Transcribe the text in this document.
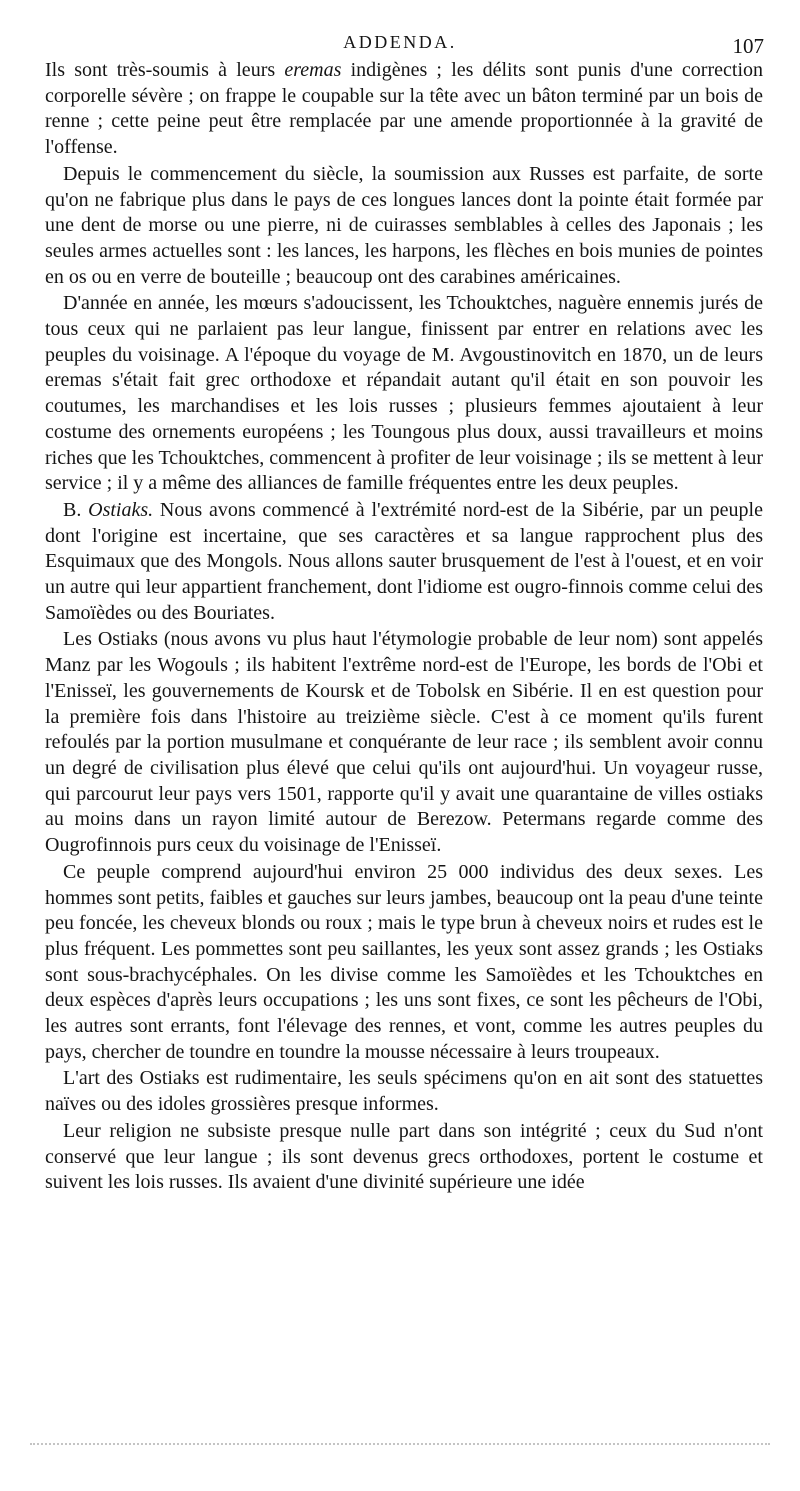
ADDENDA.	107

Ils sont très-soumis à leurs eremas indigènes ; les délits sont punis d'une correction corporelle sévère ; on frappe le coupable sur la tête avec un bâton terminé par un bois de renne ; cette peine peut être remplacée par une amende proportionnée à la gravité de l'offense.

Depuis le commencement du siècle, la soumission aux Russes est parfaite, de sorte qu'on ne fabrique plus dans le pays de ces longues lances dont la pointe était formée par une dent de morse ou une pierre, ni de cuirasses semblables à celles des Japonais ; les seules armes actuelles sont : les lances, les harpons, les flèches en bois munies de pointes en os ou en verre de bouteille ; beaucoup ont des carabines américaines.

D'année en année, les mœurs s'adoucissent, les Tchouktches, naguère ennemis jurés de tous ceux qui ne parlaient pas leur langue, finissent par entrer en relations avec les peuples du voisinage. A l'époque du voyage de M. Avgoustinovitch en 1870, un de leurs eremas s'était fait grec orthodoxe et répandait autant qu'il était en son pouvoir les coutumes, les marchandises et les lois russes ; plusieurs femmes ajoutaient à leur costume des ornements européens ; les Toungous plus doux, aussi travailleurs et moins riches que les Tchouktches, commencent à profiter de leur voisinage ; ils se mettent à leur service ; il y a même des alliances de famille fréquentes entre les deux peuples.

B. Ostiaks. Nous avons commencé à l'extrémité nord-est de la Sibérie, par un peuple dont l'origine est incertaine, que ses caractères et sa langue rapprochent plus des Esquimaux que des Mongols. Nous allons sauter brusquement de l'est à l'ouest, et en voir un autre qui leur appartient franchement, dont l'idiome est ougro-finnois comme celui des Samoïèdes ou des Bouriates.

Les Ostiaks (nous avons vu plus haut l'étymologie probable de leur nom) sont appelés Manz par les Wogouls ; ils habitent l'extrême nord-est de l'Europe, les bords de l'Obi et l'Enisseï, les gouvernements de Koursk et de Tobolsk en Sibérie. Il en est question pour la première fois dans l'histoire au treizième siècle. C'est à ce moment qu'ils furent refoulés par la portion musulmane et conquérante de leur race ; ils semblent avoir connu un degré de civilisation plus élevé que celui qu'ils ont aujourd'hui. Un voyageur russe, qui parcourut leur pays vers 1501, rapporte qu'il y avait une quarantaine de villes ostiaks au moins dans un rayon limité autour de Berezow. Petermans regarde comme des Ougrofinnois purs ceux du voisinage de l'Enisseï.

Ce peuple comprend aujourd'hui environ 25 000 individus des deux sexes. Les hommes sont petits, faibles et gauches sur leurs jambes, beaucoup ont la peau d'une teinte peu foncée, les cheveux blonds ou roux ; mais le type brun à cheveux noirs et rudes est le plus fréquent. Les pommettes sont peu saillantes, les yeux sont assez grands ; les Ostiaks sont sous-brachycéphales. On les divise comme les Samoïèdes et les Tchouktches en deux espèces d'après leurs occupations ; les uns sont fixes, ce sont les pêcheurs de l'Obi, les autres sont errants, font l'élevage des rennes, et vont, comme les autres peuples du pays, chercher de toundre en toundre la mousse nécessaire à leurs troupeaux.

L'art des Ostiaks est rudimentaire, les seuls spécimens qu'on en ait sont des statuettes naïves ou des idoles grossières presque informes.

Leur religion ne subsiste presque nulle part dans son intégrité ; ceux du Sud n'ont conservé que leur langue ; ils sont devenus grecs orthodoxes, portent le costume et suivent les lois russes. Ils avaient d'une divinité supérieure une idée
